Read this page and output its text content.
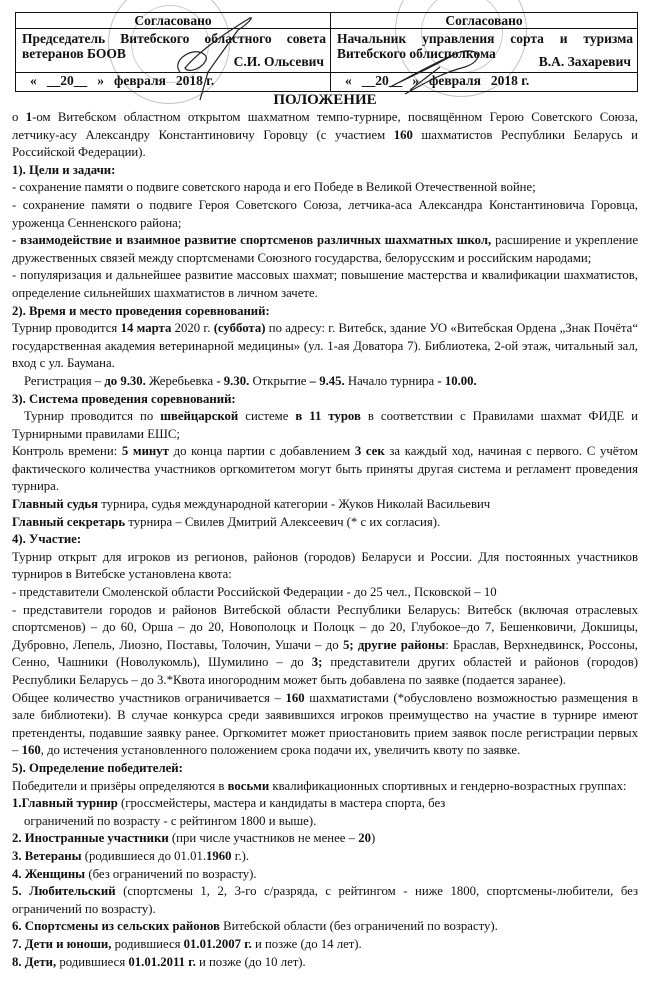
Согласовано
Председатель Витебского областного совета
ветеранов БООВ
С.И. Ольсевич
« __20__ » февраля 2018 г.
Согласовано
Начальник управления сорта и туризма
Витебского облисполкома
В.А. Захаревич
« __20__ » февраля 2018 г.
ПОЛОЖЕНИЕ

о 1-ом Витебском областном открытом шахматном темпо-турнире, посвящённом Герою Советского Союза, летчику-асу Александру Константиновичу Горовцу (с участием 160 шахматистов Республики Беларусь и Российской Федерации).

1). Цели и задачи:

- сохранение памяти о подвиге советского народа и его Победе в Великой Отечественной войне;

- сохранение памяти о подвиге Героя Советского Союза, летчика-аса Александра Константиновича Горовца, уроженца Сенненского района;

- взаимодействие и взаимное развитие спортсменов различных шахматных школ, расширение и укрепление дружественных связей между спортсменами Союзного государства, белорусским и российским народами;

- популяризация и дальнейшее развитие массовых шахмат; повышение мастерства и квалификации шахматистов, определение сильнейших шахматистов в личном зачете.

2). Время и место проведения соревнований:

Турнир проводится 14 марта 2020 г. (суббота) по адресу: г. Витебск, здание УО «Витебская Ордена „Знак Почёта“ государственная академия ветеринарной медицины» (ул. 1-ая Доватора 7). Библиотека, 2-ой этаж, читальный зал, вход с ул. Баумана.

Регистрация – до 9.30. Жеребьевка - 9.30. Открытие – 9.45. Начало турнира - 10.00.

3). Система проведения соревнований:

Турнир проводится по швейцарской системе в 11 туров в соответствии с Правилами шахмат ФИДЕ и Турнирными правилами ЕШС;

Контроль времени: 5 минут до конца партии с добавлением 3 сек за каждый ход, начиная с первого. С учётом фактического количества участников оргкомитетом могут быть приняты другая система и регламент проведения турнира.

Главный судья турнира, судья международной категории - Жуков Николай Васильевич

Главный секретарь турнира – Свилев Дмитрий Алексеевич (* с их согласия).

4). Участие:

Турнир открыт для игроков из регионов, районов (городов) Беларуси и России. Для постоянных участников турниров в Витебске установлена квота:

- представители Смоленской области Российской Федерации - до 25 чел., Псковской – 10

- представители городов и районов Витебской области Республики Беларусь: Витебск (включая отраслевых спортсменов) – до 60, Орша – до 20, Новополоцк и Полоцк – до 20, Глубокое–до 7, Бешенковичи, Докшицы, Дубровно, Лепель, Лиозно, Поставы, Толочин, Ушачи – до 5; другие районы: Браслав, Верхнедвинск, Россоны, Сенно, Чашники (Новолукомль), Шумилино – до 3; представители других областей и районов (городов) Республики Беларусь – до 3.*Квота иногородним может быть добавлена по заявке (подается заранее).

Общее количество участников ограничивается – 160 шахматистами (*обусловлено возможностью размещения в зале библиотеки). В случае конкурса среди заявившихся игроков преимущество на участие в турнире имеют претенденты, подавшие заявку ранее. Оргкомитет может приостановить прием заявок после регистрации первых – 160, до истечения установленного положением срока подачи их, увеличить квоту по заявке.

5). Определение победителей:

Победители и призёры определяются в восьми квалификационных спортивных и гендерно-возрастных группах:

1.Главный турнир (гроссмейстеры, мастера и кандидаты в мастера спорта, без
ограничений по возрасту - с рейтингом 1800 и выше).

2. Иностранные участники (при числе участников не менее – 20)

3. Ветераны (родившиеся до 01.01.1960 г.).

4. Женщины (без ограничений по возрасту).

5. Любительский (спортсмены 1, 2, 3-го с/разряда, с рейтингом - ниже 1800, спортсмены-любители, без ограничений по возрасту).

6. Спортсмены из сельских районов Витебской области (без ограничений по возрасту).

7. Дети и юноши, родившиеся 01.01.2007 г. и позже (до 14 лет).

8. Дети, родившиеся 01.01.2011 г. и позже (до 10 лет).
